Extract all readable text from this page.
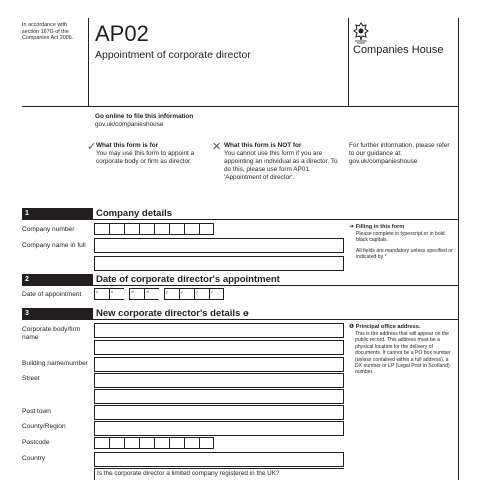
In accordance with section 167G of the Companies Act 2006. AP02
Appointment of corporate director	Companies House
Go online to file this information
gov.uk/companieshouse
✓ What this form is for
You may use this form to appoint a corporate body or firm as director.
✕ What this form is NOT for
You cannot use this form if you are appointing an individual as a director. To do this, please use form AP01 'Appointment of director'.
For further information, please refer to our guidance at: gov.uk/companieshouse
1	Company details
Company number
Company name in full
➔ Filling in this form
Please complete in typescript or in bold black capitals.
All fields are mandatory unless specified or indicated by *
2	Date of corporate director's appointment
Date of appointment	d	d	m	m	y	y	y	y
3	New corporate director's details ❶
Corporate body/firm name
Building name/number
Street
Post town
County/Region
Postcode
Country
Is the corporate director a limited company registered in the UK?
❶ Principal office address.
This is the address that will appear on the public record. This address must be a physical location for the delivery of documents. It cannot be a PO box number (unless contained within a full address), a DX number or LP (Legal Post in Scotland) number.
